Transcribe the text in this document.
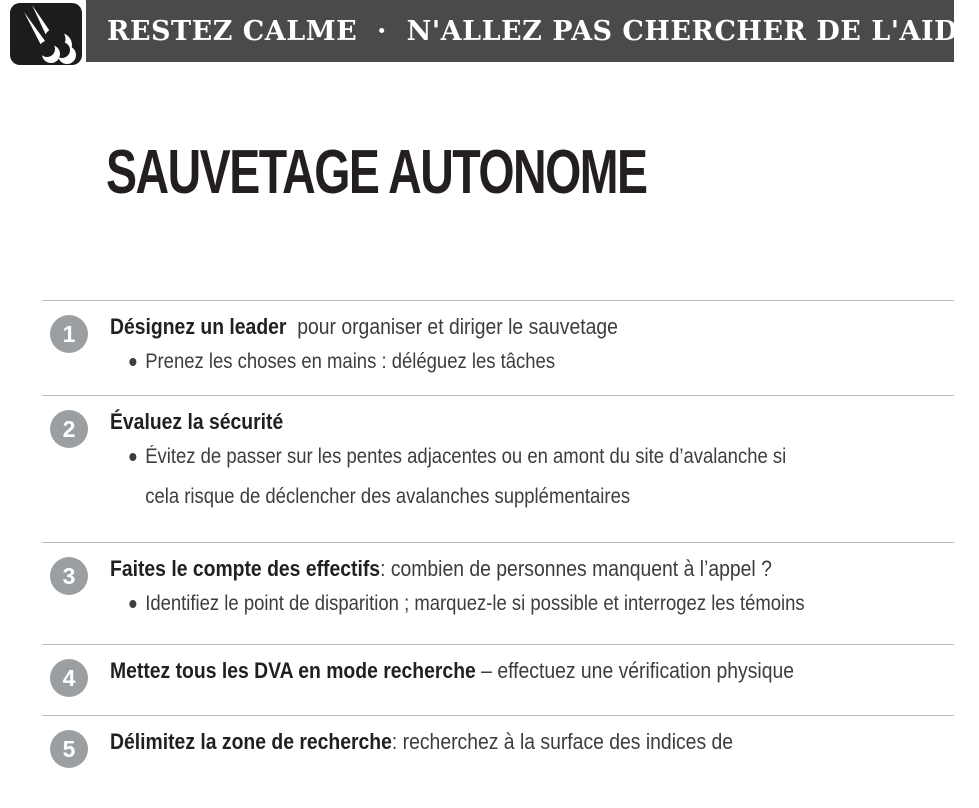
RESTEZ CALME  ·  N'ALLEZ PAS CHERCHER DE L'AIDE
SAUVETAGE AUTONOME
1 Désignez un leader  pour organiser et diriger le sauvetage
Prenez les choses en mains : déléguez les tâches
2 Évaluez la sécurité
Évitez de passer sur les pentes adjacentes ou en amont du site d’avalanche si
cela risque de déclencher des avalanches supplémentaires
3 Faites le compte des effectifs: combien de personnes manquent à l’appel ?
Identifiez le point de disparition ; marquez-le si possible et interrogez les témoins
4 Mettez tous les DVA en mode recherche – effectuez une vérification physique
5 Délimitez la zone de recherche: recherchez à la surface des indices de
